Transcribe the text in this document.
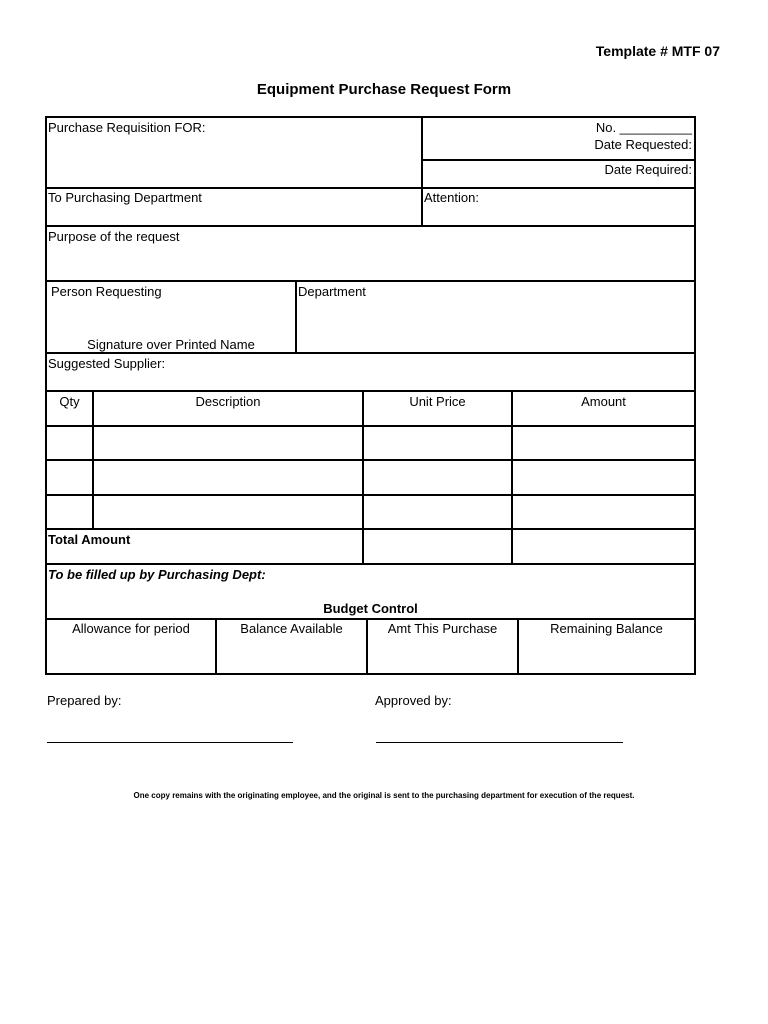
Template # MTF 07
Equipment Purchase Request Form
Purchase Requisition FOR:	No. __________
Date Requested:
Date Required:
To Purchasing Department	Attention:
Purpose of the request
Person Requesting
Signature over Printed Name
Department
Suggested Supplier:
Qty	Description	Unit Price	Amount
Total Amount
To be filled up by Purchasing Dept:
Budget Control
Allowance for period	Balance Available	Amt This Purchase	Remaining Balance
Prepared by:	Approved by:
One copy remains with the originating employee, and the original is sent to the purchasing department for execution of the request.
